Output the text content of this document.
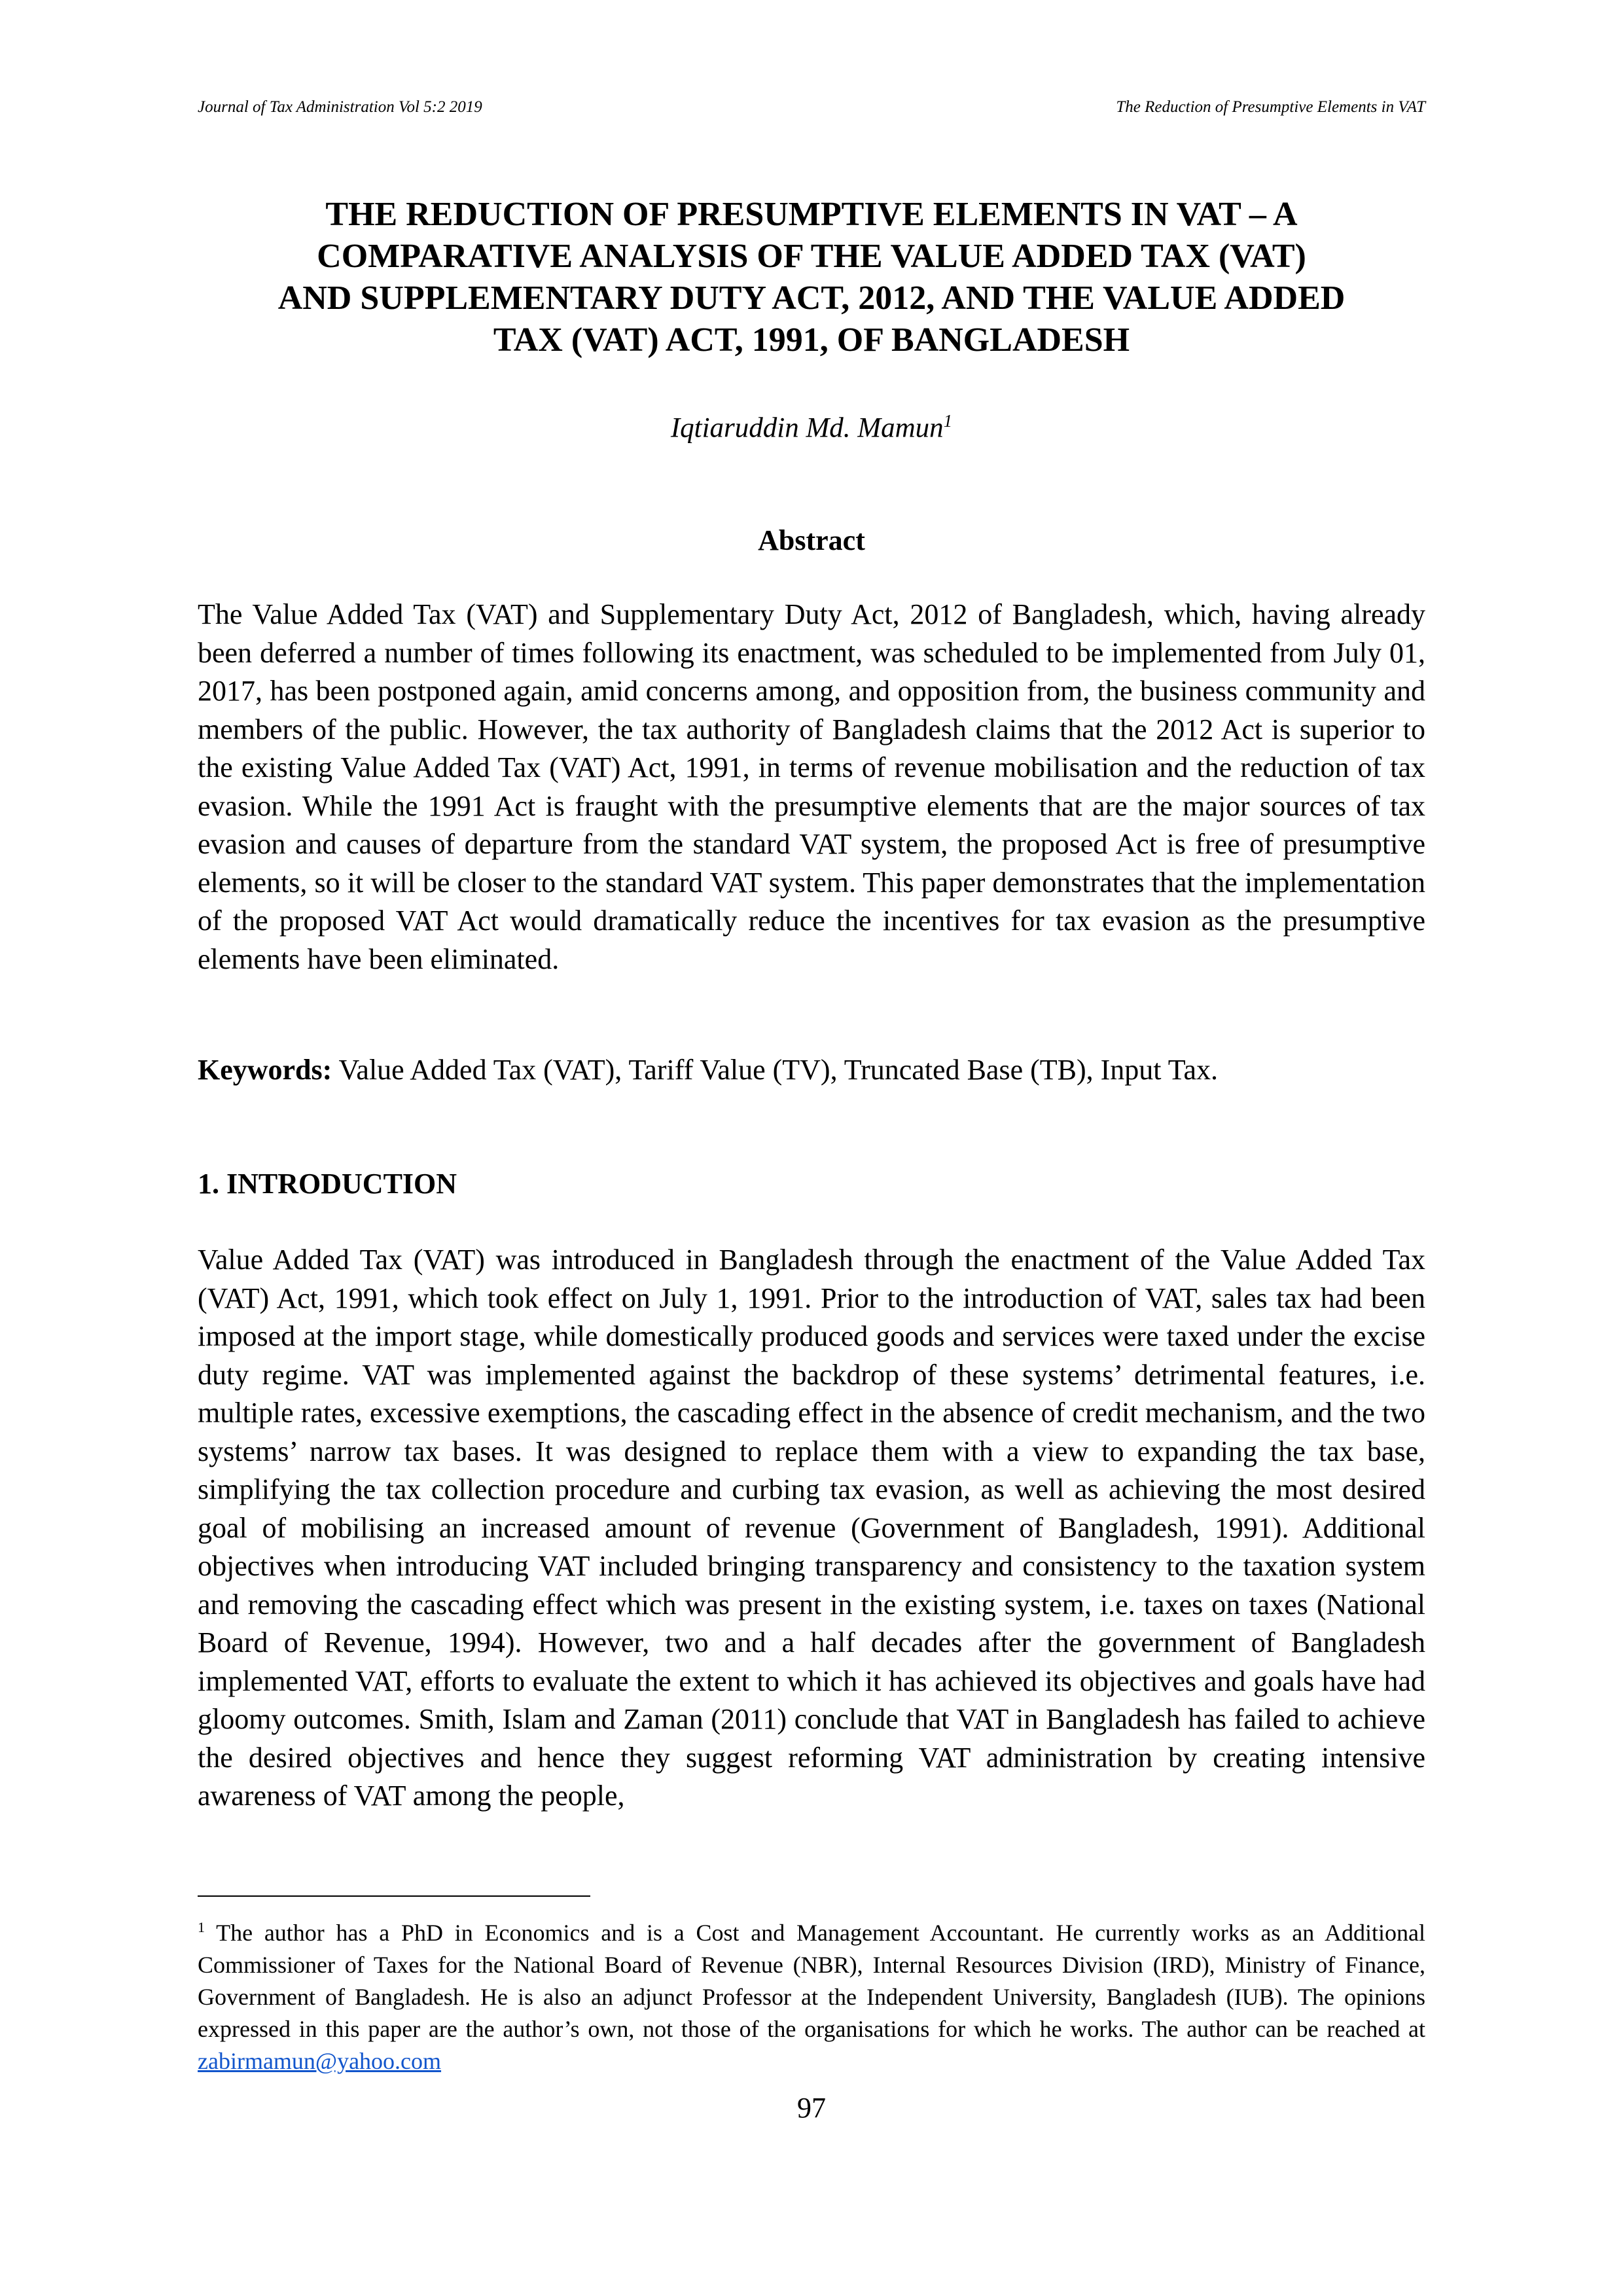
Journal of Tax Administration Vol 5:2 2019	The Reduction of Presumptive Elements in VAT
THE REDUCTION OF PRESUMPTIVE ELEMENTS IN VAT – A
COMPARATIVE ANALYSIS OF THE VALUE ADDED TAX (VAT)
AND SUPPLEMENTARY DUTY ACT, 2012, AND THE VALUE ADDED
TAX (VAT) ACT, 1991, OF BANGLADESH
Iqtiaruddin Md. Mamun$^1$
Abstract

The Value Added Tax (VAT) and Supplementary Duty Act, 2012 of Bangladesh, which, having already been deferred a number of times following its enactment, was scheduled to be implemented from July 01, 2017, has been postponed again, amid concerns among, and opposition from, the business community and members of the public. However, the tax authority of Bangladesh claims that the 2012 Act is superior to the existing Value Added Tax (VAT) Act, 1991, in terms of revenue mobilisation and the reduction of tax evasion. While the 1991 Act is fraught with the presumptive elements that are the major sources of tax evasion and causes of departure from the standard VAT system, the proposed Act is free of presumptive elements, so it will be closer to the standard VAT system. This paper demonstrates that the implementation of the proposed VAT Act would dramatically reduce the incentives for tax evasion as the presumptive elements have been eliminated.

Keywords: Value Added Tax (VAT), Tariff Value (TV), Truncated Base (TB), Input Tax.

1. INTRODUCTION

Value Added Tax (VAT) was introduced in Bangladesh through the enactment of the Value Added Tax (VAT) Act, 1991, which took effect on July 1, 1991. Prior to the introduction of VAT, sales tax had been imposed at the import stage, while domestically produced goods and services were taxed under the excise duty regime. VAT was implemented against the backdrop of these systems’ detrimental features, i.e. multiple rates, excessive exemptions, the cascading effect in the absence of credit mechanism, and the two systems’ narrow tax bases. It was designed to replace them with a view to expanding the tax base, simplifying the tax collection procedure and curbing tax evasion, as well as achieving the most desired goal of mobilising an increased amount of revenue (Government of Bangladesh, 1991). Additional objectives when introducing VAT included bringing transparency and consistency to the taxation system and removing the cascading effect which was present in the existing system, i.e. taxes on taxes (National Board of Revenue, 1994). However, two and a half decades after the government of Bangladesh implemented VAT, efforts to evaluate the extent to which it has achieved its objectives and goals have had gloomy outcomes. Smith, Islam and Zaman (2011) conclude that VAT in Bangladesh has failed to achieve the desired objectives and hence they suggest reforming VAT administration by creating intensive awareness of VAT among the people,

$^1$ The author has a PhD in Economics and is a Cost and Management Accountant. He currently works as an Additional Commissioner of Taxes for the National Board of Revenue (NBR), Internal Resources Division (IRD), Ministry of Finance, Government of Bangladesh. He is also an adjunct Professor at the Independent University, Bangladesh (IUB). The opinions expressed in this paper are the author’s own, not those of the organisations for which he works. The author can be reached at zabirmamun@yahoo.com

97
